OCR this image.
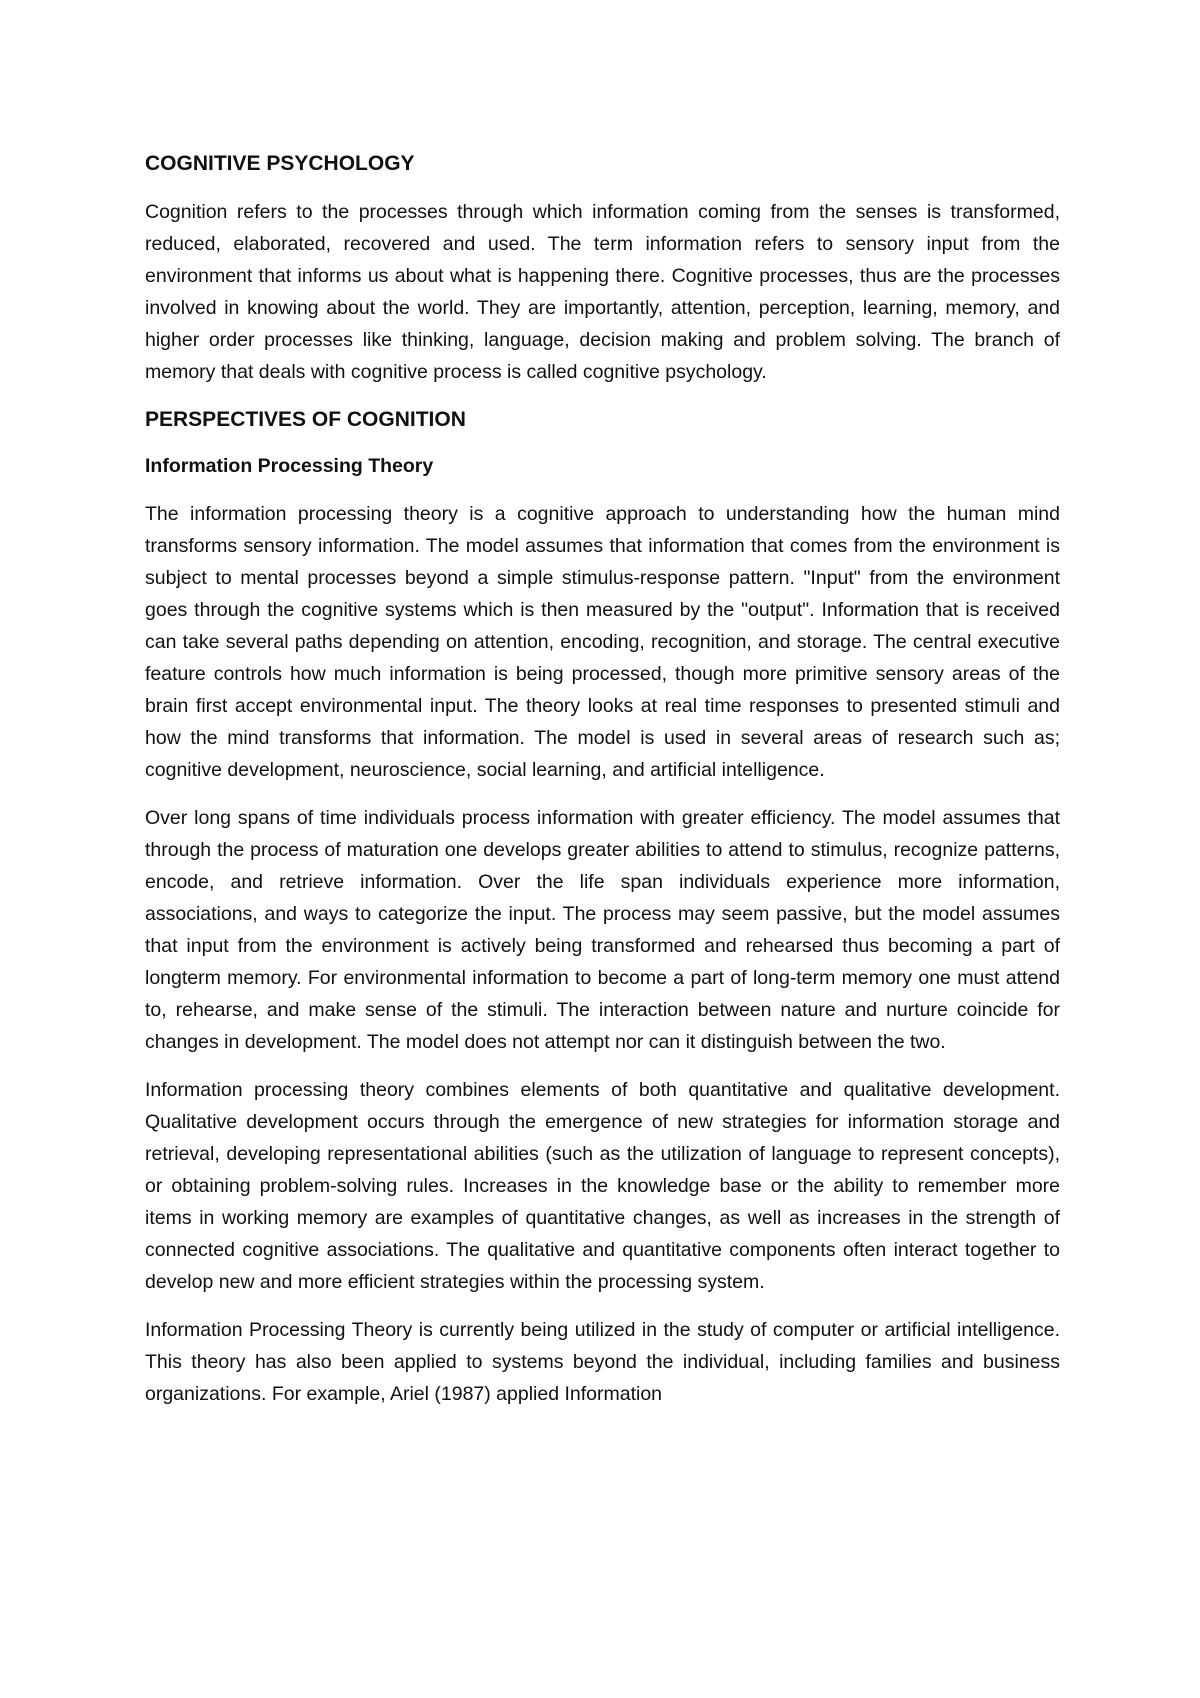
COGNITIVE PSYCHOLOGY

Cognition refers to the processes through which information coming from the senses is transformed, reduced, elaborated, recovered and used. The term information refers to sensory input from the environment that informs us about what is happening there. Cognitive processes, thus are the processes involved in knowing about the world. They are importantly, attention, perception, learning, memory, and higher order processes like thinking, language, decision making and problem solving. The branch of memory that deals with cognitive process is called cognitive psychology.

PERSPECTIVES OF COGNITION
Information Processing Theory

The information processing theory is a cognitive approach to understanding how the human mind transforms sensory information. The model assumes that information that comes from the environment is subject to mental processes beyond a simple stimulus-response pattern. "Input" from the environment goes through the cognitive systems which is then measured by the "output". Information that is received can take several paths depending on attention, encoding, recognition, and storage. The central executive feature controls how much information is being processed, though more primitive sensory areas of the brain first accept environmental input. The theory looks at real time responses to presented stimuli and how the mind transforms that information. The model is used in several areas of research such as; cognitive development, neuroscience, social learning, and artificial intelligence.

Over long spans of time individuals process information with greater efficiency. The model assumes that through the process of maturation one develops greater abilities to attend to stimulus, recognize patterns, encode, and retrieve information. Over the life span individuals experience more information, associations, and ways to categorize the input. The process may seem passive, but the model assumes that input from the environment is actively being transformed and rehearsed thus becoming a part of longterm memory. For environmental information to become a part of long-term memory one must attend to, rehearse, and make sense of the stimuli. The interaction between nature and nurture coincide for changes in development. The model does not attempt nor can it distinguish between the two.

Information processing theory combines elements of both quantitative and qualitative development. Qualitative development occurs through the emergence of new strategies for information storage and retrieval, developing representational abilities (such as the utilization of language to represent concepts), or obtaining problem-solving rules. Increases in the knowledge base or the ability to remember more items in working memory are examples of quantitative changes, as well as increases in the strength of connected cognitive associations. The qualitative and quantitative components often interact together to develop new and more efficient strategies within the processing system.

Information Processing Theory is currently being utilized in the study of computer or artificial intelligence. This theory has also been applied to systems beyond the individual, including families and business organizations. For example, Ariel (1987) applied Information
